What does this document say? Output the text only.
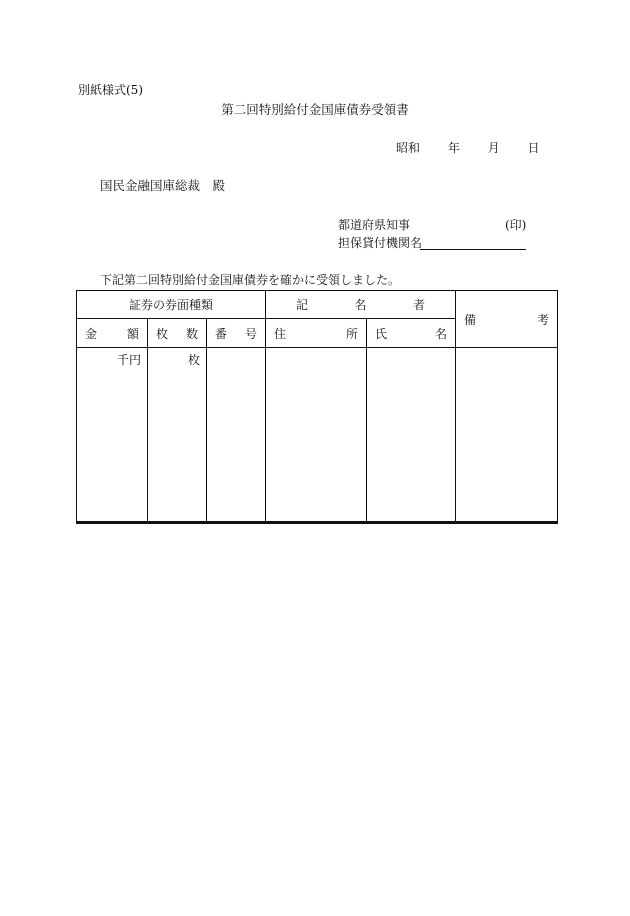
別紙様式(5)
第二回特別給付金国庫債券受領書
昭和 年 月 日
国民金融国庫総裁　殿
都道府県知事	(印)
担保貸付機関名
下記第二回特別給付金国庫債券を確かに受領しました。
証券の券面種類			記 名 者		備 考

金 額	枚 数	番 号	住 所	氏 名	

千円	枚				
